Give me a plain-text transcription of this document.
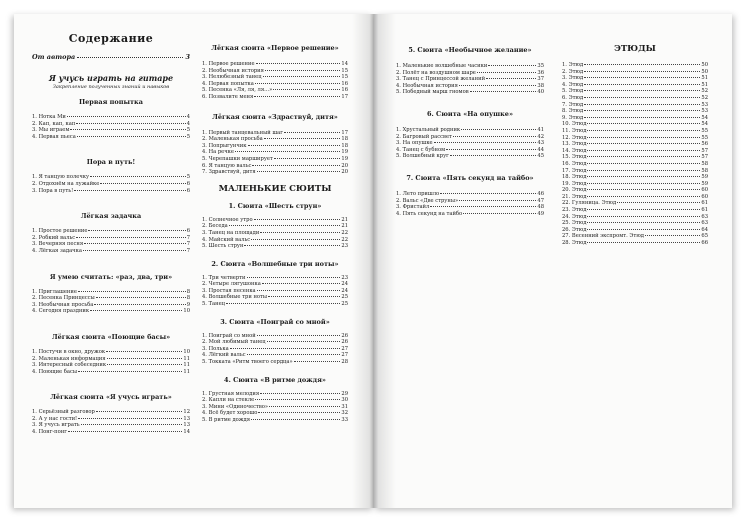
Содержание
От автора	3
Я учусь играть на гитаре
Закрепление полученных знаний и навыков
Первая попытка
1. Нотка Ми	4
2. Кап, кап, кап	4
3. Мы играем	5
4. Первая пьеса	5
Пора в путь!
1. Я танцую полечку	5
2. Отдохнём на лужайке	6
3. Пора в путь!	6
Лёгкая задачка
1. Простое решение	6
2. Робкий вальс	7
3. Вечерняя песня	7
4. Лёгкая задачка	7
Я умею считать: «раз, два, три»
1. Приглашение	8
2. Песенка Принцессы	8
3. Необычная просьба	9
4. Сегодня праздник	10
Лёгкая сюита «Поющие басы»
1. Постучи в окно, дружок	10
2. Маленькая информация	11
3. Интересный собеседник	11
4. Поющие басы	11
Лёгкая сюита «Я учусь играть»
1. Серьёзный разговор	12
2. А у нас гости!	13
3. Я учусь играть	13
4. Понг-понг	14
Лёгкая сюита «Первое решение»
1. Первое решение	14
2. Необычная история	15
3. Нелюбезный танец	15
4. Первая попытка	16
5. Песенка «Ля, ля, ля...»	16
6. Позвалите меня	17
Лёгкая сюита «Здраствуй, дитя»
1. Первый танцевальный шаг	17
2. Маленькая просьба	18
3. Попрыгунчик	18
4. На речке	19
5. Черепашки марширует	19
6. Я танцую вальс	20
7. Здравствуй, дитя	20
МАЛЕНЬКИЕ СЮИТЫ
1. Сюита «Шесть струн»
1. Солнечное утро	21
2. Беседа	21
3. Танец на площади	22
4. Майский вальс	22
5. Шесть струн	23
2. Сюита «Волшебные три ноты»
1. Три четверти	23
2. Четыре лягушонка	24
3. Простая песенка	24
4. Волшебные три ноты	25
5. Танец	25
3. Сюита «Поиграй со мной»
1. Поиграй со мной	26
2. Мой любимый танец	26
3. Полька	27
4. Лёгкий вальс	27
5. Токката «Ритм твоего сердца»	28
4. Сюита «В ритме дождя»
1. Грустная мелодия	29
2. Капли на стекле	30
3. Мини «Одиночество»	31
4. Всё будет хорошо	32
5. В ритме дождя	33
5. Сюита «Необычное желание»
1. Маленькие волшебные часики	35
2. Полёт на воздушном шаре	36
3. Танец с Принцессой желаний	37
4. Необычная история	38
5. Победный марш гномов	40
6. Сюита «На опушке»
1. Хрустальный родник	41
2. Багровый рассвет	42
3. На опушке	43
4. Танец с бубном	44
5. Волшебный круг	45
7. Сюита «Пять секунд на тайбо»
1. Лето пришло	46
2. Вальс «Две струны»	47
3. Фристайл	48
4. Пять секунд на тайбо	49
ЭТЮДЫ
1. Этюд	50
2. Этюд	50
3. Этюд	51
4. Этюд	51
5. Этюд	52
6. Этюд	52
7. Этюд	53
8. Этюд	53
9. Этюд	54
10. Этюд	54
11. Этюд	55
12. Этюд	55
13. Этюд	56
14. Этюд	57
15. Этюд	57
16. Этюд	58
17. Этюд	58
18. Этюд	59
19. Этюд	59
20. Этюд	60
21. Этюд	60
22. Гуляница. Этюд	61
23. Этюд	61
24. Этюд	63
25. Этюд	63
26. Этюд	64
27. Весенний экспромт. Этюд	65
28. Этюд	66
